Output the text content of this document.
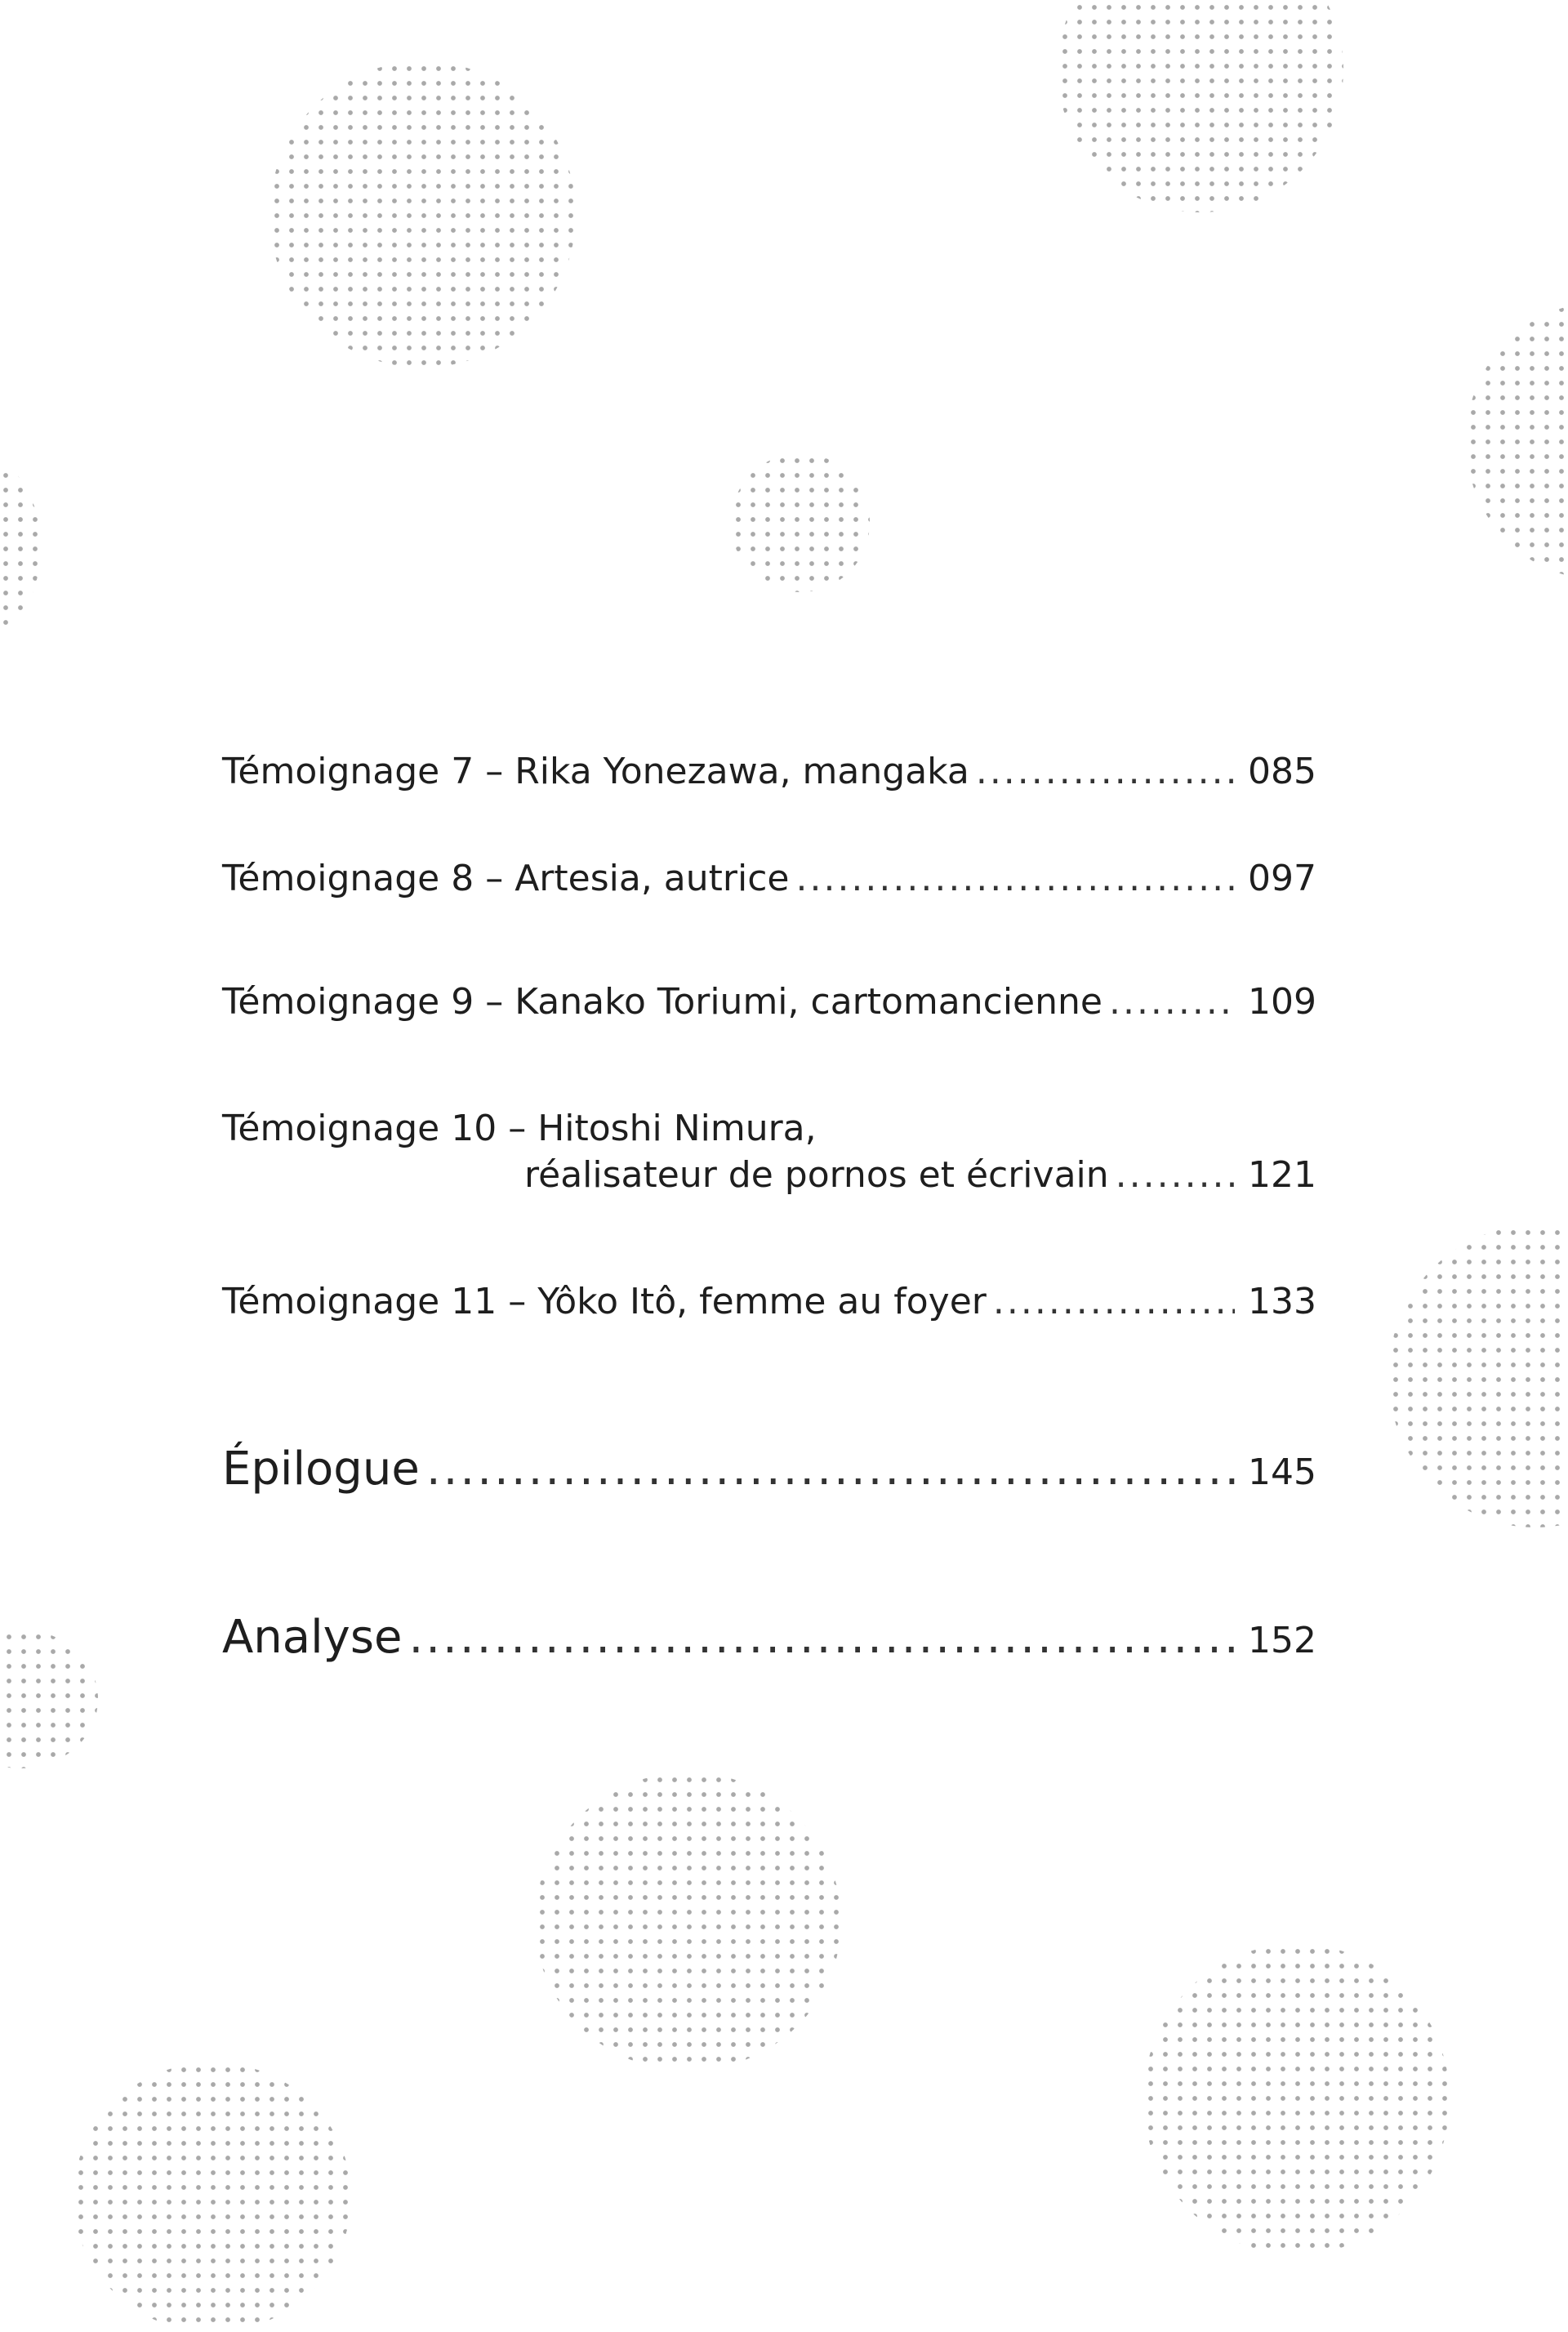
Témoignage 7 – Rika Yonezawa, mangaka .....	085
Témoignage 8 – Artesia, autrice .....	097
Témoignage 9 – Kanako Toriumi, cartomancienne .....	109
Témoignage 10 – Hitoshi Nimura,
réalisateur de pornos et écrivain .....	121
Témoignage 11 – Yôko Itô, femme au foyer .....	133
Épilogue .....	145
Analyse .....	152
